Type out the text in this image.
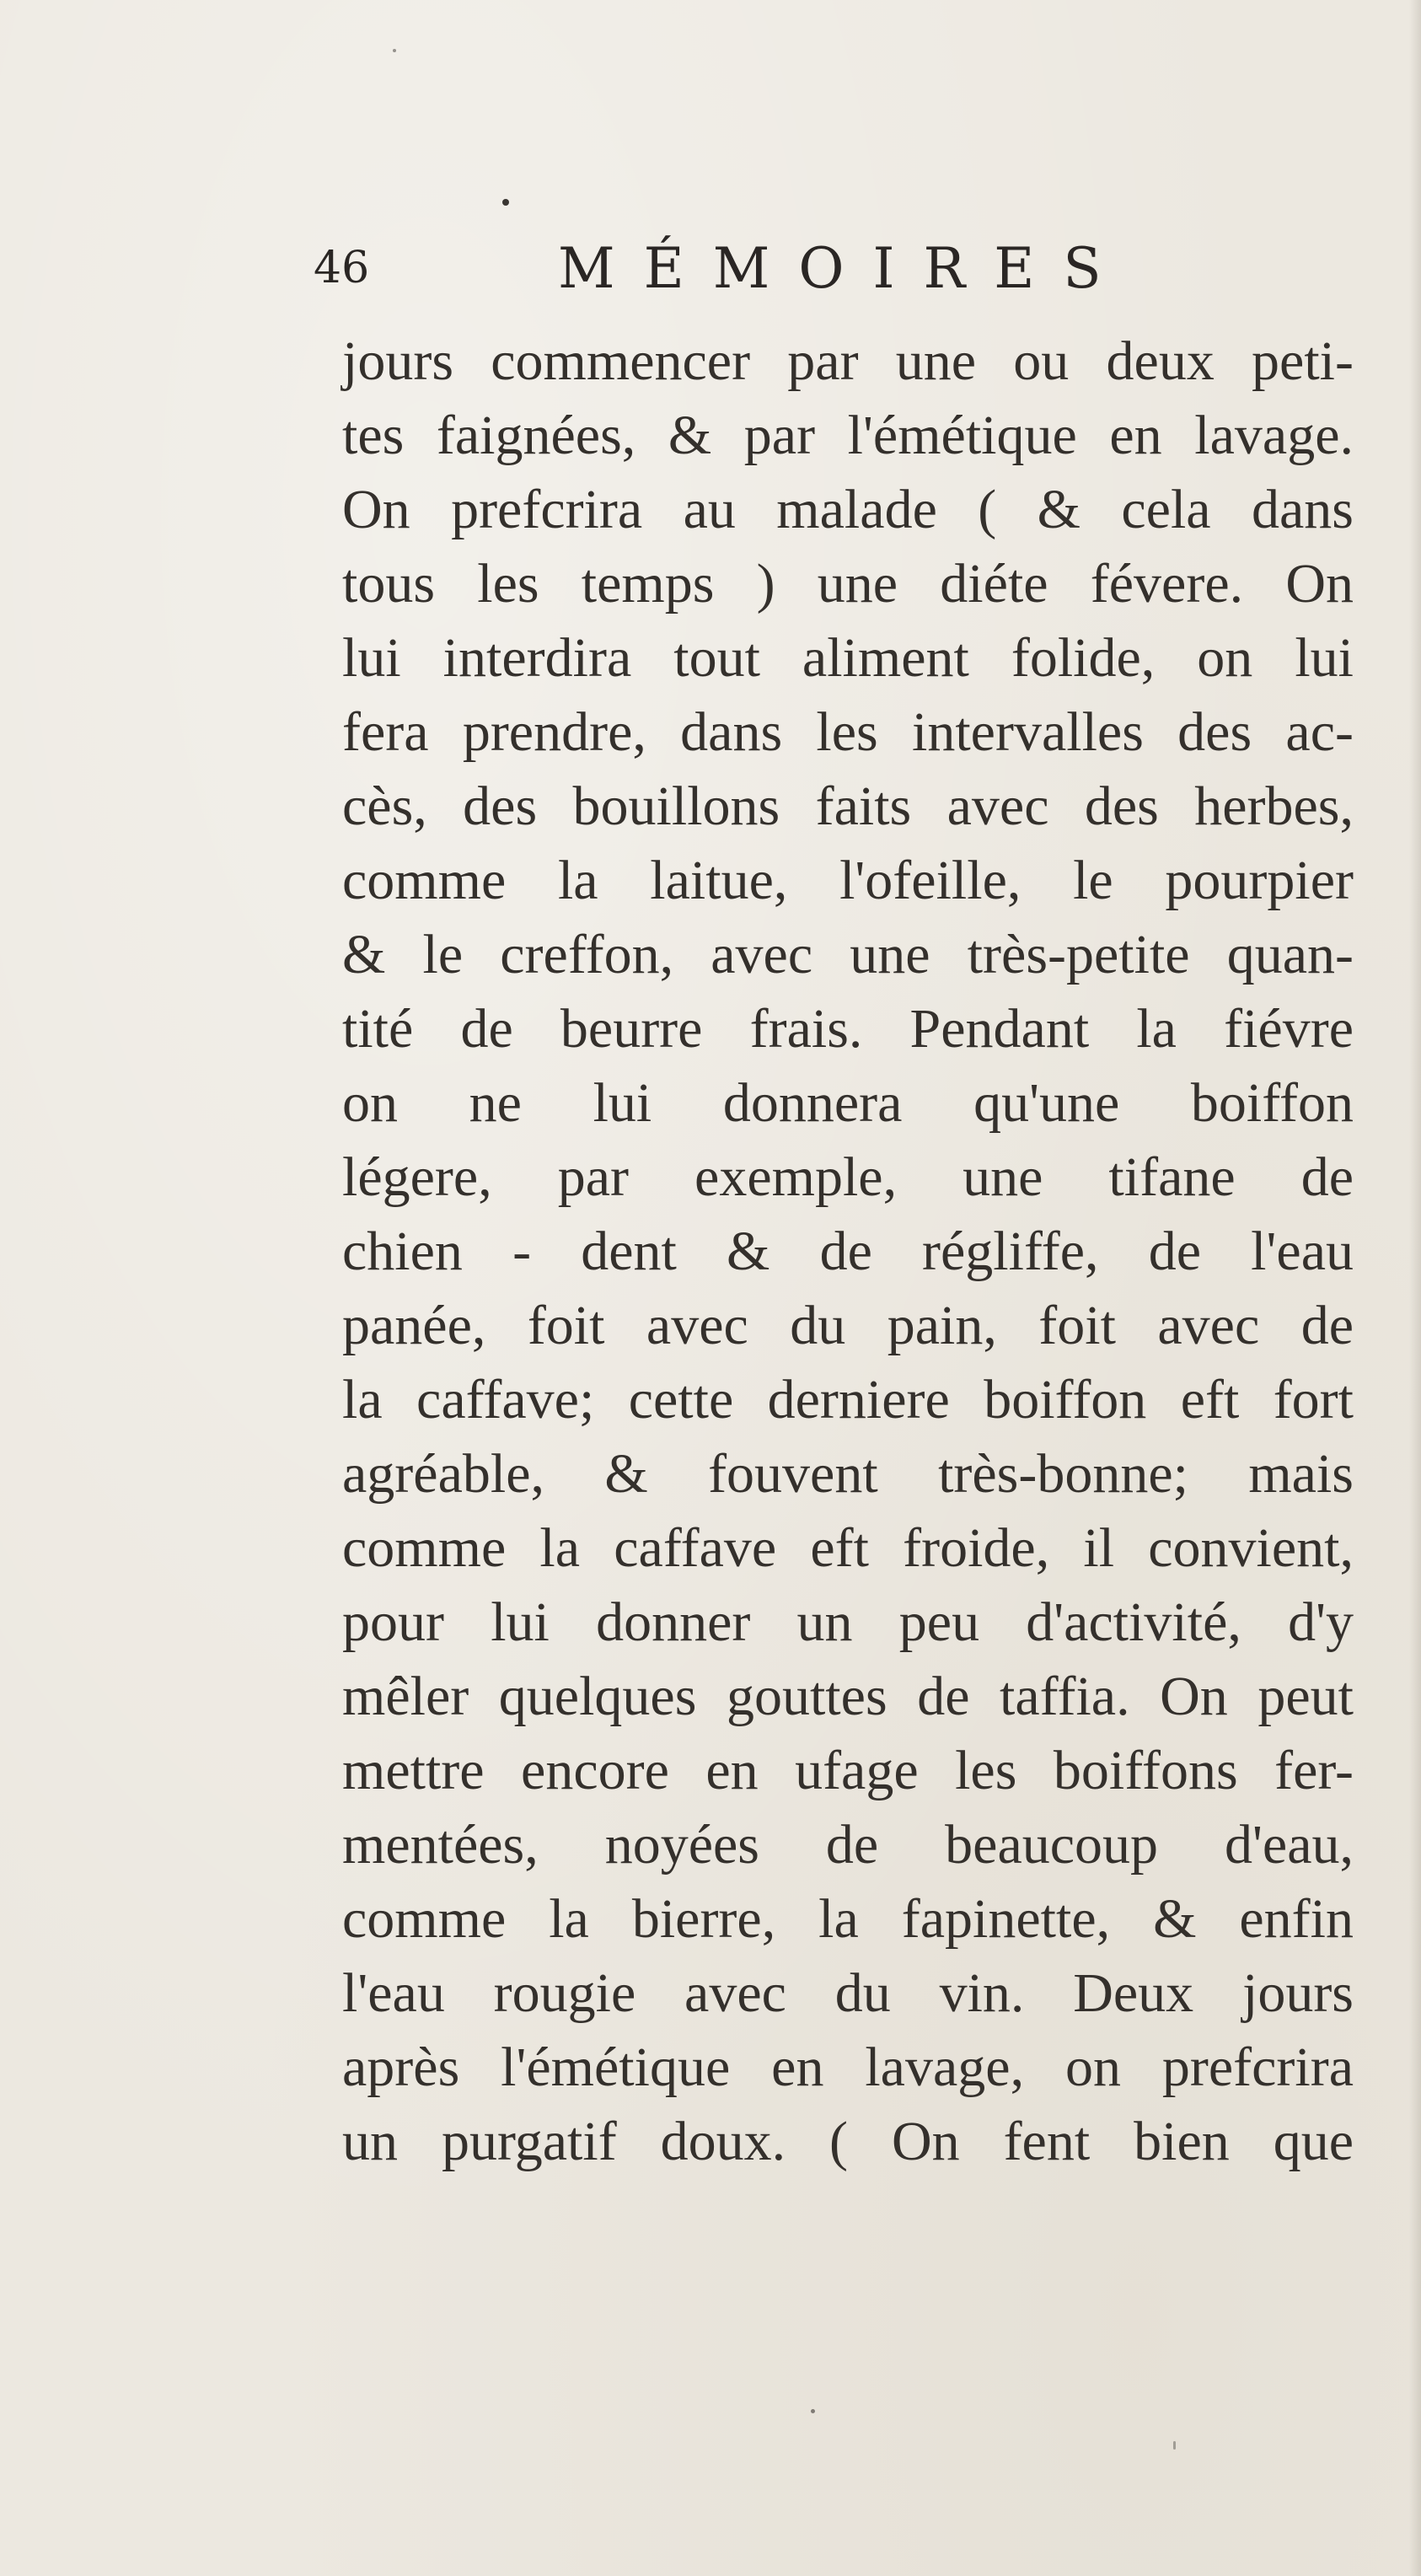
46	MÉMOIRES
jours commencer par une ou deux peti-
tes faignées, & par l'émétique en lavage.
On prefcrira au malade ( & cela dans
tous les temps ) une diéte févere. On
lui interdira tout aliment folide, on lui
fera prendre, dans les intervalles des ac-
cès, des bouillons faits avec des herbes,
comme la laitue, l'ofeille, le pourpier
& le creffon, avec une très-petite quan-
tité de beurre frais. Pendant la fiévre
on ne lui donnera qu'une boiffon
légere, par exemple, une tifane de
chien - dent & de régliffe, de l'eau
panée, foit avec du pain, foit avec de
la caffave; cette derniere boiffon eft fort
agréable, & fouvent très-bonne; mais
comme la caffave eft froide, il convient,
pour lui donner un peu d'activité, d'y
mêler quelques gouttes de taffia. On peut
mettre encore en ufage les boiffons fer-
mentées, noyées de beaucoup d'eau,
comme la bierre, la fapinette, & enfin
l'eau rougie avec du vin. Deux jours
après l'émétique en lavage, on prefcrira
un purgatif doux. ( On fent bien que
